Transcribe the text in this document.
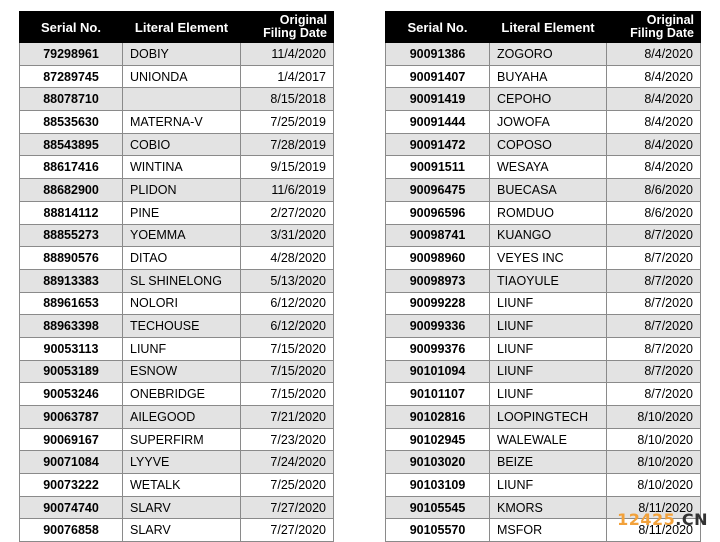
Serial No.	Literal Element	Original
Filing Date
79298961	DOBIY	11/4/2020
87289745	UNIONDA	1/4/2017
88078710		8/15/2018
88535630	MATERNA-V	7/25/2019
88543895	COBIO	7/28/2019
88617416	WINTINA	9/15/2019
88682900	PLIDON	11/6/2019
88814112	PINE	2/27/2020
88855273	YOEMMA	3/31/2020
88890576	DITAO	4/28/2020
88913383	SL SHINELONG	5/13/2020
88961653	NOLORI	6/12/2020
88963398	TECHOUSE	6/12/2020
90053113	LIUNF	7/15/2020
90053189	ESNOW	7/15/2020
90053246	ONEBRIDGE	7/15/2020
90063787	AILEGOOD	7/21/2020
90069167	SUPERFIRM	7/23/2020
90071084	LYYVE	7/24/2020
90073222	WETALK	7/25/2020
90074740	SLARV	7/27/2020
90076858	SLARV	7/27/2020
Serial No.	Literal Element	Original
Filing Date
90091386	ZOGORO	8/4/2020
90091407	BUYAHA	8/4/2020
90091419	CEPOHO	8/4/2020
90091444	JOWOFA	8/4/2020
90091472	COPOSO	8/4/2020
90091511	WESAYA	8/4/2020
90096475	BUECASA	8/6/2020
90096596	ROMDUO	8/6/2020
90098741	KUANGO	8/7/2020
90098960	VEYES INC	8/7/2020
90098973	TIAOYULE	8/7/2020
90099228	LIUNF	8/7/2020
90099336	LIUNF	8/7/2020
90099376	LIUNF	8/7/2020
90101094	LIUNF	8/7/2020
90101107	LIUNF	8/7/2020
90102816	LOOPINGTECH	8/10/2020
90102945	WALEWALE	8/10/2020
90103020	BEIZE	8/10/2020
90103109	LIUNF	8/10/2020
90105545	KMORS	8/11/2020
90105570	MSFOR	8/11/2020
12425.CN
